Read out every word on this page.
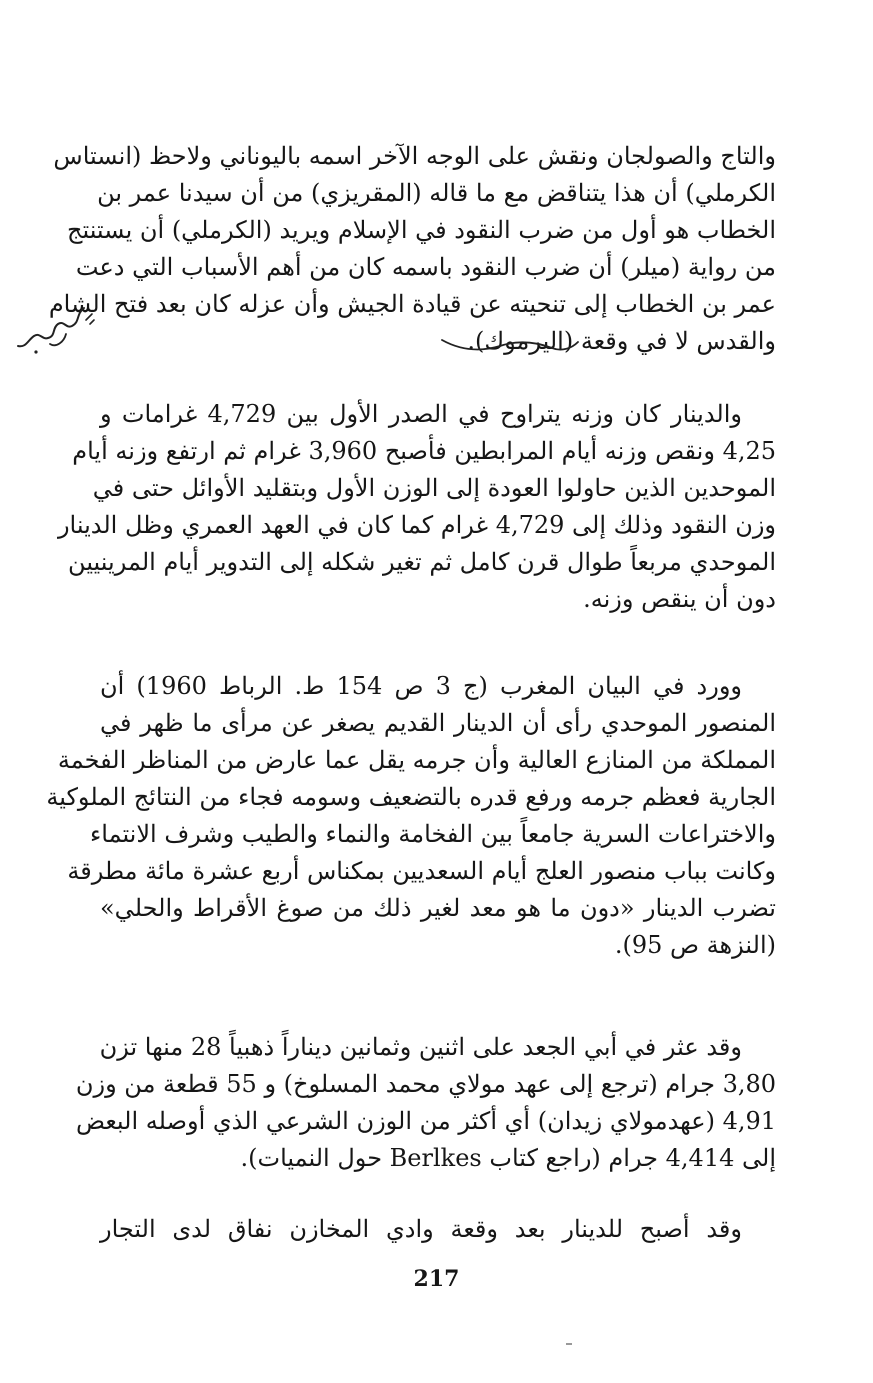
والتاج والصولجان ونقش على الوجه الآخر اسمه باليوناني ولاحظ (انستاس
الكرملي) أن هذا يتناقض مع ما قاله (المقريزي) من أن سيدنا عمر بن
الخطاب هو أول من ضرب النقود في الإسلام ويريد (الكرملي) أن يستنتج
من رواية (ميلر) أن ضرب النقود باسمه كان من أهم الأسباب التي دعت
عمر بن الخطاب إلى تنحيته عن قيادة الجيش وأن عزله كان بعد فتح الشام
والقدس لا في وقعة (اليرموك).
والدينار كان وزنه يتراوح في الصدر الأول بين 4,729 غرامات و
4,25 ونقص وزنه أيام المرابطين فأصبح 3,960 غرام ثم ارتفع وزنه أيام
الموحدين الذين حاولوا العودة إلى الوزن الأول وبتقليد الأوائل حتى في
وزن النقود وذلك إلى 4,729 غرام كما كان في العهد العمري وظل الدينار
الموحدي مربعاً طوال قرن كامل ثم تغير شكله إلى التدوير أيام المرينيين
دون أن ينقص وزنه.
وورد في البيان المغرب (ج 3 ص 154 ط. الرباط 1960) أن
المنصور الموحدي رأى أن الدينار القديم يصغر عن مرأى ما ظهر في
المملكة من المنازع العالية وأن جرمه يقل عما عارض من المناظر الفخمة
الجارية فعظم جرمه ورفع قدره بالتضعيف وسومه فجاء من النتائج الملوكية
والاختراعات السرية جامعاً بين الفخامة والنماء والطيب وشرف الانتماء
وكانت بباب منصور العلج أيام السعديين بمكناس أربع عشرة مائة مطرقة
تضرب الدينار «دون ما هو معد لغير ذلك من صوغ الأقراط والحلي»
(النزهة ص 95).
وقد عثر في أبي الجعد على اثنين وثمانين ديناراً ذهبياً 28 منها تزن
3,80 جرام (ترجع إلى عهد مولاي محمد المسلوخ) و 55 قطعة من وزن
4,91 (عهدمولاي زيدان) أي أكثر من الوزن الشرعي الذي أوصله البعض
إلى 4,414 جرام (راجع كتاب Berlkes حول النميات).
وقد أصبح للدينار بعد وقعة وادي المخازن نفاق لدى التجار
217
